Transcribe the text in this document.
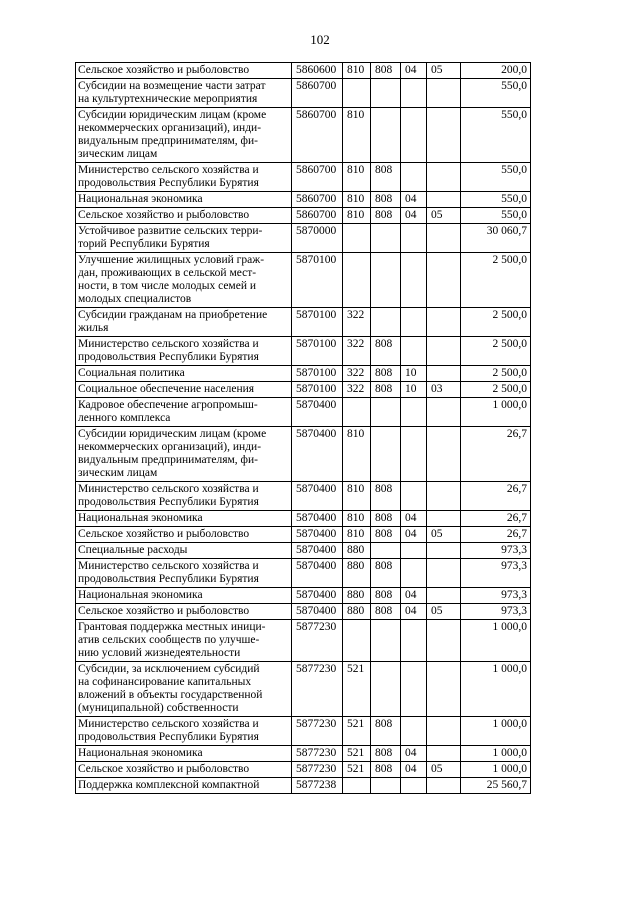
102
Сельское хозяйство и рыболовство	5860600	810	808	04	05	200,0
Субсидии на возмещение части затрат
на культуртехнические мероприятия	5860700					550,0
Субсидии юридическим лицам (кроме
некоммерческих организаций), инди-
видуальным предпринимателям, фи-
зическим лицам	5860700	810				550,0
Министерство сельского хозяйства и
продовольствия Республики Бурятия	5860700	810	808			550,0
Национальная экономика	5860700	810	808	04		550,0
Сельское хозяйство и рыболовство	5860700	810	808	04	05	550,0
Устойчивое развитие сельских терри-
торий Республики Бурятия	5870000					30 060,7
Улучшение жилищных условий граж-
дан, проживающих в сельской мест-
ности, в том числе молодых семей и
молодых специалистов	5870100					2 500,0
Субсидии гражданам на приобретение
жилья	5870100	322				2 500,0
Министерство сельского хозяйства и
продовольствия Республики Бурятия	5870100	322	808			2 500,0
Социальная политика	5870100	322	808	10		2 500,0
Социальное обеспечение населения	5870100	322	808	10	03	2 500,0
Кадровое обеспечение агропромыш-
ленного комплекса	5870400					1 000,0
Субсидии юридическим лицам (кроме
некоммерческих организаций), инди-
видуальным предпринимателям, фи-
зическим лицам	5870400	810				26,7
Министерство сельского хозяйства и
продовольствия Республики Бурятия	5870400	810	808			26,7
Национальная экономика	5870400	810	808	04		26,7
Сельское хозяйство и рыболовство	5870400	810	808	04	05	26,7
Специальные расходы	5870400	880				973,3
Министерство сельского хозяйства и
продовольствия Республики Бурятия	5870400	880	808			973,3
Национальная экономика	5870400	880	808	04		973,3
Сельское хозяйство и рыболовство	5870400	880	808	04	05	973,3
Грантовая поддержка местных иници-
атив сельских сообществ по улучше-
нию условий жизнедеятельности	5877230					1 000,0
Субсидии, за исключением субсидий
на софинансирование капитальных
вложений в объекты государственной
(муниципальной) собственности	5877230	521				1 000,0
Министерство сельского хозяйства и
продовольствия Республики Бурятия	5877230	521	808			1 000,0
Национальная экономика	5877230	521	808	04		1 000,0
Сельское хозяйство и рыболовство	5877230	521	808	04	05	1 000,0
Поддержка комплексной компактной	5877238					25 560,7
